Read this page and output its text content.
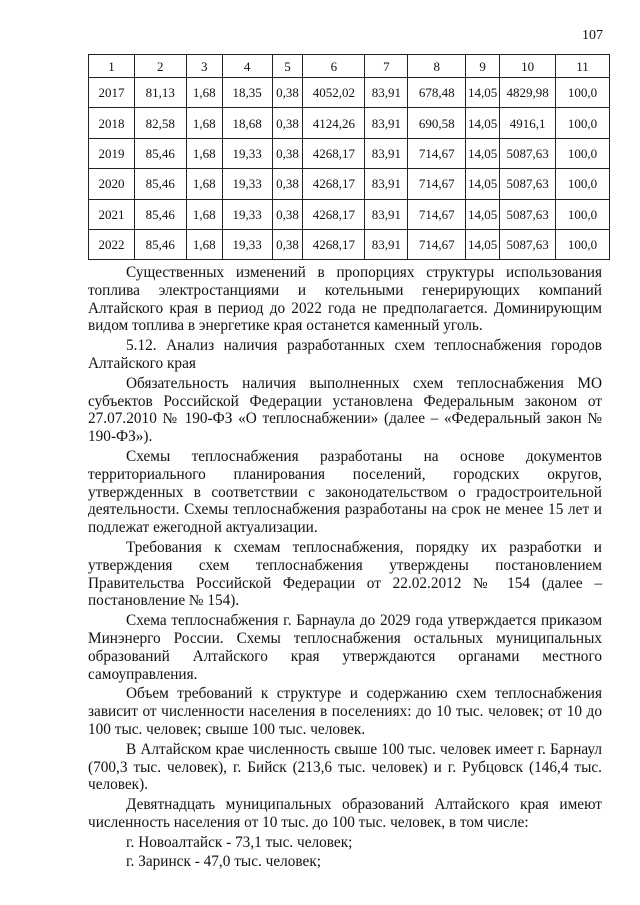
107
1	2	3	4	5	6	7	8	9	10	11
2017	81,13	1,68	18,35	0,38	4052,02	83,91	678,48	14,05	4829,98	100,0
2018	82,58	1,68	18,68	0,38	4124,26	83,91	690,58	14,05	4916,1	100,0
2019	85,46	1,68	19,33	0,38	4268,17	83,91	714,67	14,05	5087,63	100,0
2020	85,46	1,68	19,33	0,38	4268,17	83,91	714,67	14,05	5087,63	100,0
2021	85,46	1,68	19,33	0,38	4268,17	83,91	714,67	14,05	5087,63	100,0
2022	85,46	1,68	19,33	0,38	4268,17	83,91	714,67	14,05	5087,63	100,0

Существенных изменений в пропорциях структуры использования топлива электростанциями и котельными генерирующих компаний Алтайского края в период до 2022 года не предполагается. Доминирующим видом топлива в энергетике края останется каменный уголь.

5.12. Анализ наличия разработанных схем теплоснабжения городов Алтайского края

Обязательность наличия выполненных схем теплоснабжения МО субъектов Российской Федерации установлена Федеральным законом от 27.07.2010 № 190-ФЗ «О теплоснабжении» (далее – «Федеральный закон № 190-ФЗ»).

Схемы теплоснабжения разработаны на основе документов территориального планирования поселений, городских округов, утвержденных в соответствии с законодательством о градостроительной деятельности. Схемы теплоснабжения разработаны на срок не менее 15 лет и подлежат ежегодной актуализации.

Требования к схемам теплоснабжения, порядку их разработки и утверждения схем теплоснабжения утверждены постановлением Правительства Российской Федерации от 22.02.2012 № 154 (далее – постановление № 154).

Схема теплоснабжения г. Барнаула до 2029 года утверждается приказом Минэнерго России. Схемы теплоснабжения остальных муниципальных образований Алтайского края утверждаются органами местного самоуправления.

Объем требований к структуре и содержанию схем теплоснабжения зависит от численности населения в поселениях: до 10 тыс. человек; от 10 до 100 тыс. человек; свыше 100 тыс. человек.

В Алтайском крае численность свыше 100 тыс. человек имеет г. Барнаул (700,3 тыс. человек), г. Бийск (213,6 тыс. человек) и г. Рубцовск (146,4 тыс. человек).

Девятнадцать муниципальных образований Алтайского края имеют численность населения от 10 тыс. до 100 тыс. человек, в том числе:

г. Новоалтайск - 73,1 тыс. человек;

г. Заринск - 47,0 тыс. человек;
